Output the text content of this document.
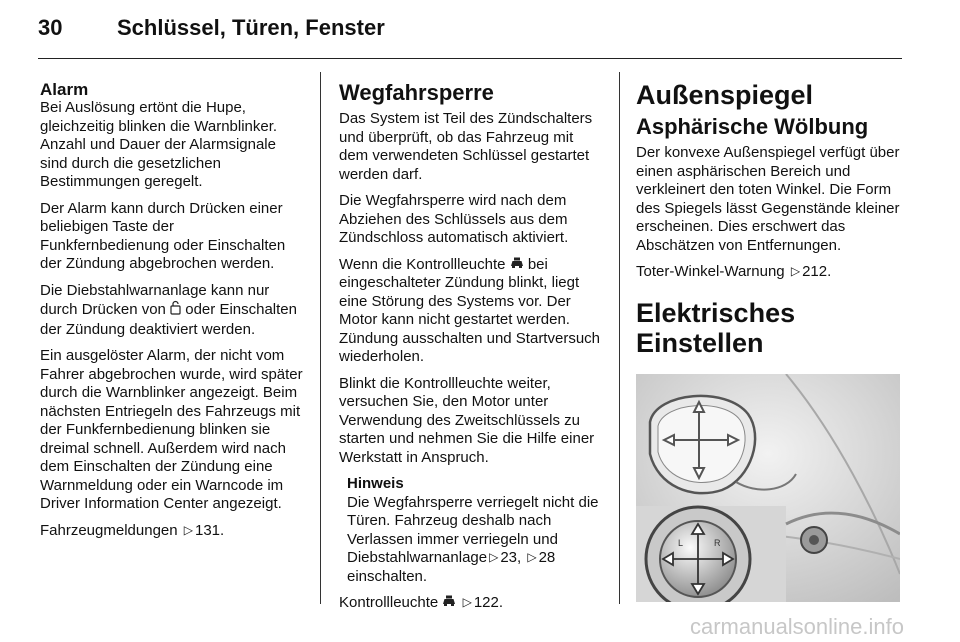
30 Schlüssel, Türen, Fenster
Alarm

Bei Auslösung ertönt die Hupe, gleichzeitig blinken die Warnblinker. Anzahl und Dauer der Alarmsignale sind durch die gesetzlichen Bestimmungen geregelt.

Der Alarm kann durch Drücken einer beliebigen Taste der Funkfernbedienung oder Einschalten der Zündung abgebrochen werden.

Die Diebstahlwarnanlage kann nur durch Drücken von oder Einschalten der Zündung deaktiviert werden.

Ein ausgelöster Alarm, der nicht vom Fahrer abgebrochen wurde, wird später durch die Warnblinker angezeigt. Beim nächsten Entriegeln des Fahrzeugs mit der Funkfernbedienung blinken sie dreimal schnell. Außerdem wird nach dem Einschalten der Zündung eine Warnmeldung oder ein Warncode im Driver Information Center angezeigt.

Fahrzeugmeldungen ▷ 131.

Wegfahrsperre

Das System ist Teil des Zündschalters und überprüft, ob das Fahrzeug mit dem verwendeten Schlüssel gestartet werden darf.

Die Wegfahrsperre wird nach dem Abziehen des Schlüssels aus dem Zündschloss automatisch aktiviert.

Wenn die Kontrollleuchte bei eingeschalteter Zündung blinkt, liegt eine Störung des Systems vor. Der Motor kann nicht gestartet werden. Zündung ausschalten und Startversuch wiederholen.

Blinkt die Kontrollleuchte weiter, versuchen Sie, den Motor unter Verwendung des Zweitschlüssels zu starten und nehmen Sie die Hilfe einer Werkstatt in Anspruch.

Hinweis
Die Wegfahrsperre verriegelt nicht die Türen. Fahrzeug deshalb nach Verlassen immer verriegeln und Diebstahlwarnanlage ▷ 23, ▷ 28 einschalten.

Kontrollleuchte ▷ 122.

Außenspiegel
Asphärische Wölbung

Der konvexe Außenspiegel verfügt über einen asphärischen Bereich und verkleinert den toten Winkel. Die Form des Spiegels lässt Gegenstände kleiner erscheinen. Dies erschwert das Abschätzen von Entfernungen.

Toter-Winkel-Warnung ▷ 212.

Elektrisches Einstellen
L	R
carmanualsonline.info
